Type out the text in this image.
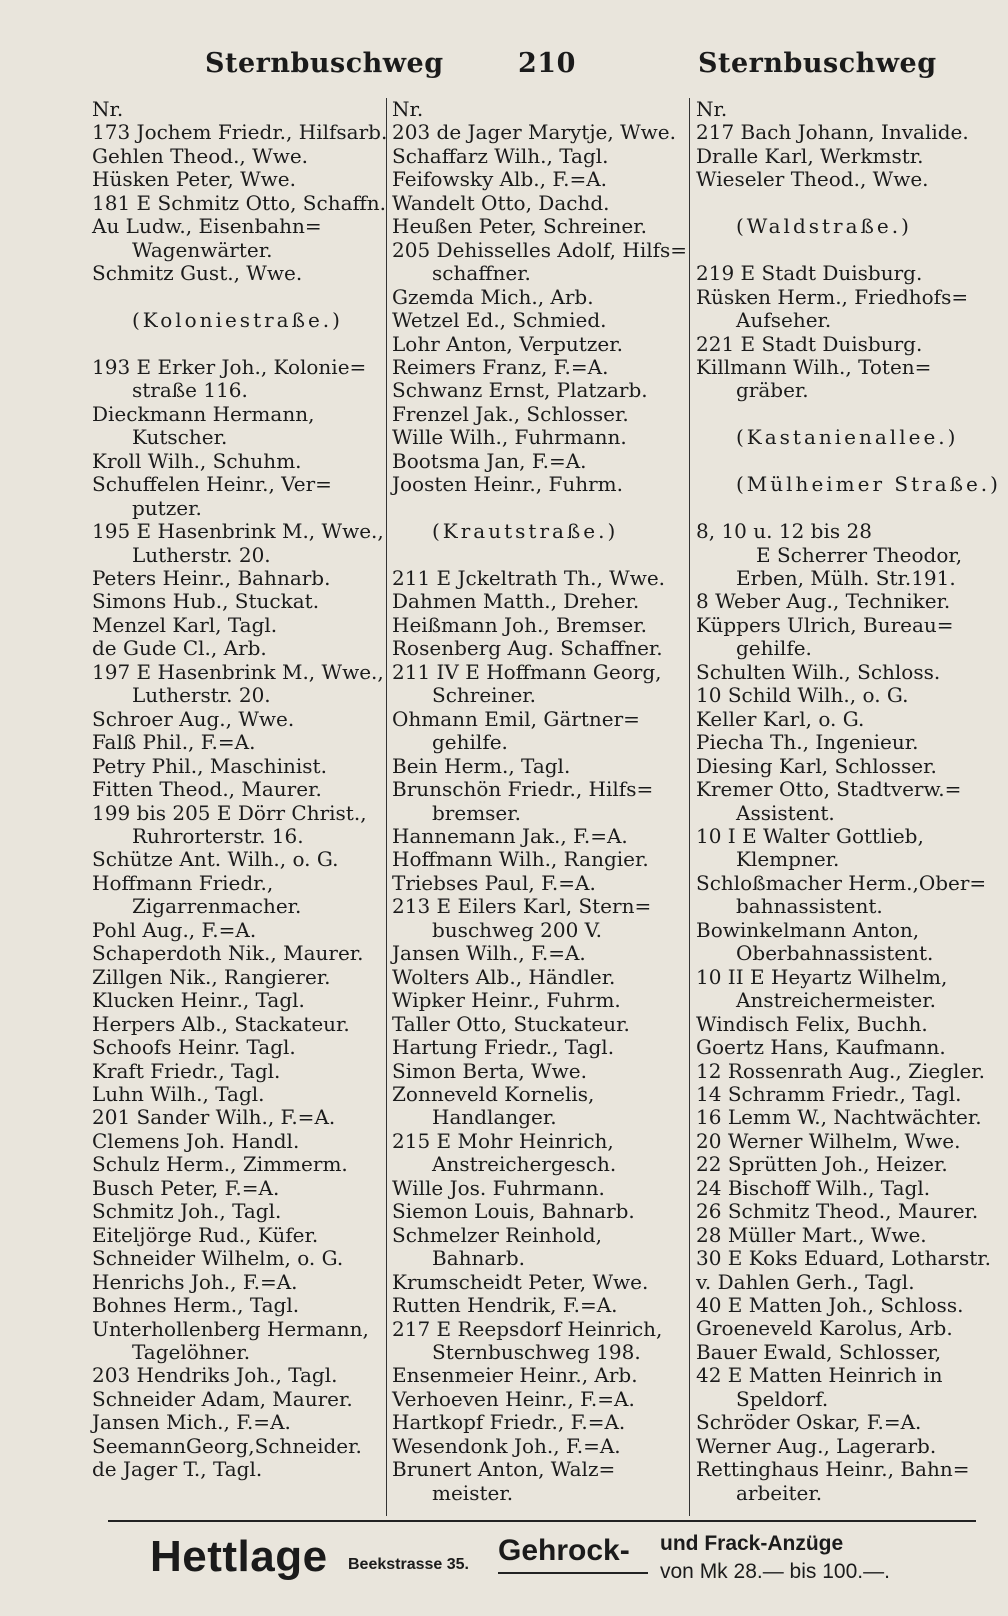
Sternbuschweg	210	Sternbuschweg
Nr.
173 Jochem Friedr., Hilfsarb.
Gehlen Theod., Wwe.
Hüsken Peter, Wwe.
181 E Schmitz Otto, Schaffn.
Au Ludw., Eisenbahn=
Wagenwärter.
Schmitz Gust., Wwe.
(Koloniestraße.)
193 E Erker Joh., Kolonie=
straße 116.
Dieckmann Hermann,
Kutscher.
Kroll Wilh., Schuhm.
Schuffelen Heinr., Ver=
putzer.
195 E Hasenbrink M., Wwe.,
Lutherstr. 20.
Peters Heinr., Bahnarb.
Simons Hub., Stuckat.
Menzel Karl, Tagl.
de Gude Cl., Arb.
197 E Hasenbrink M., Wwe.,
Lutherstr. 20.
Schroer Aug., Wwe.
Falß Phil., F.=A.
Petry Phil., Maschinist.
Fitten Theod., Maurer.
199 bis 205 E Dörr Christ.,
Ruhrorterstr. 16.
Schütze Ant. Wilh., o. G.
Hoffmann Friedr.,
Zigarrenmacher.
Pohl Aug., F.=A.
Schaperdoth Nik., Maurer.
Zillgen Nik., Rangierer.
Klucken Heinr., Tagl.
Herpers Alb., Stackateur.
Schoofs Heinr. Tagl.
Kraft Friedr., Tagl.
Luhn Wilh., Tagl.
201 Sander Wilh., F.=A.
Clemens Joh. Handl.
Schulz Herm., Zimmerm.
Busch Peter, F.=A.
Schmitz Joh., Tagl.
Eiteljörge Rud., Küfer.
Schneider Wilhelm, o. G.
Henrichs Joh., F.=A.
Bohnes Herm., Tagl.
Unterhollenberg Hermann,
Tagelöhner.
203 Hendriks Joh., Tagl.
Schneider Adam, Maurer.
Jansen Mich., F.=A.
SeemannGeorg,Schneider.
de Jager T., Tagl.
Nr.
203 de Jager Marytje, Wwe.
Schaffarz Wilh., Tagl.
Feifowsky Alb., F.=A.
Wandelt Otto, Dachd.
Heußen Peter, Schreiner.
205 Dehisselles Adolf, Hilfs=
schaffner.
Gzemda Mich., Arb.
Wetzel Ed., Schmied.
Lohr Anton, Verputzer.
Reimers Franz, F.=A.
Schwanz Ernst, Platzarb.
Frenzel Jak., Schlosser.
Wille Wilh., Fuhrmann.
Bootsma Jan, F.=A.
Joosten Heinr., Fuhrm.
(Krautstraße.)
211 E Jckeltrath Th., Wwe.
Dahmen Matth., Dreher.
Heißmann Joh., Bremser.
Rosenberg Aug. Schaffner.
211 IV E Hoffmann Georg,
Schreiner.
Ohmann Emil, Gärtner=
gehilfe.
Bein Herm., Tagl.
Brunschön Friedr., Hilfs=
bremser.
Hannemann Jak., F.=A.
Hoffmann Wilh., Rangier.
Triebses Paul, F.=A.
213 E Eilers Karl, Stern=
buschweg 200 V.
Jansen Wilh., F.=A.
Wolters Alb., Händler.
Wipker Heinr., Fuhrm.
Taller Otto, Stuckateur.
Hartung Friedr., Tagl.
Simon Berta, Wwe.
Zonneveld Kornelis,
Handlanger.
215 E Mohr Heinrich,
Anstreichergesch.
Wille Jos. Fuhrmann.
Siemon Louis, Bahnarb.
Schmelzer Reinhold,
Bahnarb.
Krumscheidt Peter, Wwe.
Rutten Hendrik, F.=A.
217 E Reepsdorf Heinrich,
Sternbuschweg 198.
Ensenmeier Heinr., Arb.
Verhoeven Heinr., F.=A.
Hartkopf Friedr., F.=A.
Wesendonk Joh., F.=A.
Brunert Anton, Walz=
meister.
Nr.
217 Bach Johann, Invalide.
Dralle Karl, Werkmstr.
Wieseler Theod., Wwe.
(Waldstraße.)
219 E Stadt Duisburg.
Rüsken Herm., Friedhofs=
Aufseher.
221 E Stadt Duisburg.
Killmann Wilh., Toten=
gräber.
(Kastanienallee.)
(Mülheimer Straße.)
8, 10 u. 12 bis 28
E Scherrer Theodor,
Erben, Mülh. Str.191.
8 Weber Aug., Techniker.
Küppers Ulrich, Bureau=
gehilfe.
Schulten Wilh., Schloss.
10 Schild Wilh., o. G.
Keller Karl, o. G.
Piecha Th., Ingenieur.
Diesing Karl, Schlosser.
Kremer Otto, Stadtverw.=
Assistent.
10 I E Walter Gottlieb,
Klempner.
Schloßmacher Herm.,Ober=
bahnassistent.
Bowinkelmann Anton,
Oberbahnassistent.
10 II E Heyartz Wilhelm,
Anstreichermeister.
Windisch Felix, Buchh.
Goertz Hans, Kaufmann.
12 Rossenrath Aug., Ziegler.
14 Schramm Friedr., Tagl.
16 Lemm W., Nachtwächter.
20 Werner Wilhelm, Wwe.
22 Sprütten Joh., Heizer.
24 Bischoff Wilh., Tagl.
26 Schmitz Theod., Maurer.
28 Müller Mart., Wwe.
30 E Koks Eduard, Lotharstr.
v. Dahlen Gerh., Tagl.
40 E Matten Joh., Schloss.
Groeneveld Karolus, Arb.
Bauer Ewald, Schlosser,
42 E Matten Heinrich in
Speldorf.
Schröder Oskar, F.=A.
Werner Aug., Lagerarb.
Rettinghaus Heinr., Bahn=
arbeiter.
Hettlage Beekstrasse 35. Gehrock- und Frack-Anzüge
von Mk 28.— bis 100.—.
